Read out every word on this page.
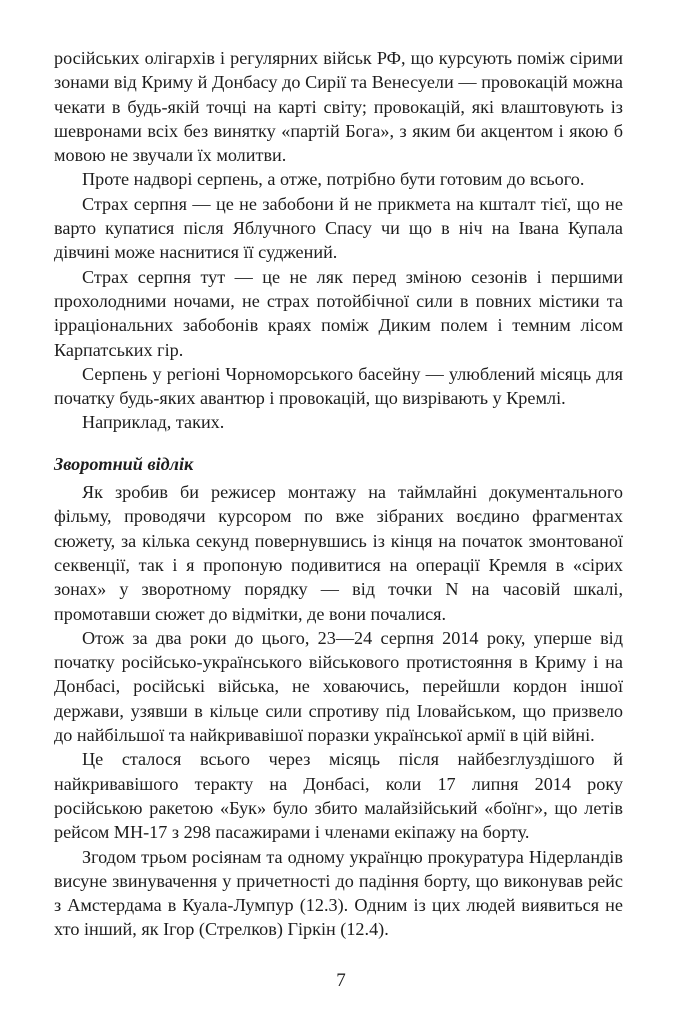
російських олігархів і регулярних військ РФ, що курсують поміж сірими зонами від Криму й Донбасу до Сирії та Венесуели — провокацій можна чекати в будь-якій точці на карті світу; провокацій, які влаштовують із шевронами всіх без винятку «партій Бога», з яким би акцентом і якою б мовою не звучали їх молитви.

Проте надворі серпень, а отже, потрібно бути готовим до всього.

Страх серпня — це не забобони й не прикмета на кшталт тієї, що не варто купатися після Яблучного Спасу чи що в ніч на Івана Купала дівчині може наснитися її суджений.

Страх серпня тут — це не ляк перед зміною сезонів і першими прохолодними ночами, не страх потойбічної сили в повних містики та ірраціональних забобонів краях поміж Диким полем і темним лісом Карпатських гір.

Серпень у регіоні Чорноморського басейну — улюблений місяць для початку будь-яких авантюр і провокацій, що визрівають у Кремлі.

Наприклад, таких.

Зворотний відлік

Як зробив би режисер монтажу на таймлайні документального фільму, проводячи курсором по вже зібраних воєдино фрагментах сюжету, за кілька секунд повернувшись із кінця на початок змонтованої секвенції, так і я пропоную подивитися на операції Кремля в «сірих зонах» у зворотному порядку — від точки N на часовій шкалі, промотавши сюжет до відмітки, де вони почалися.

Отож за два роки до цього, 23—24 серпня 2014 року, уперше від початку російсько-українського військового протистояння в Криму і на Донбасі, російські війська, не ховаючись, перейшли кордон іншої держави, узявши в кільце сили спротиву під Іловайськом, що призвело до найбільшої та найкривавішої поразки української армії в цій війні.

Це сталося всього через місяць після найбезглуздішого й найкривавішого теракту на Донбасі, коли 17 липня 2014 року російською ракетою «Бук» було збито малайзійський «боїнг», що летів рейсом МН-17 з 298 пасажирами і членами екіпажу на борту.

Згодом трьом росіянам та одному українцю прокуратура Нідерландів висуне звинувачення у причетності до падіння борту, що виконував рейс з Амстердама в Куала-Лумпур (12.3). Одним із цих людей виявиться не хто інший, як Ігор (Стрелков) Гіркін (12.4).

7
